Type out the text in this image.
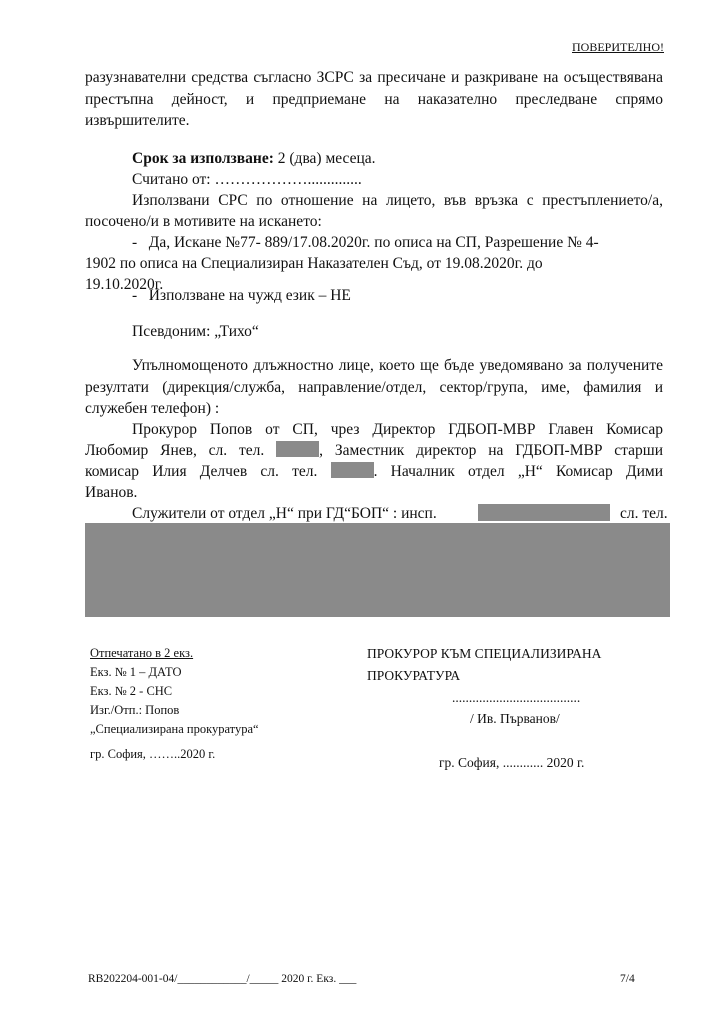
ПОВЕРИТЕЛНО!
разузнавателни средства съгласно ЗСРС за пресичане и разкриване на осъществявана престъпна дейност, и предприемане на наказателно преследване спрямо извършителите.
Срок за използване: 2 (два) месеца.
Считано от: ………………..............
Използвани СРС по отношение на лицето, във връзка с престъплението/а,
посочено/и в мотивите на искането:
-   Да, Искане №77- 889/17.08.2020г. по описа на СП, Разрешение № 4-
1902 по описа на Специализиран Наказателен Съд, от 19.08.2020г. до
19.10.2020г.
-   Използване на чужд език – НЕ
Псевдоним: „Тихо“
Упълномощеното длъжностно лице, което ще бъде уведомявано за получените резултати (дирекция/служба, направление/отдел, сектор/група, име, фамилия и служебен телефон) :
Прокурор Попов от СП, чрез Директор ГДБОП-МВР Главен Комисар
Любомир Янев, сл. тел.	, Заместник директор на ГДБОП-МВР старши
комисар Илия Делчев сл. тел.	. Началник отдел „Н“ Комисар Дими
Иванов.
Служители от отдел „Н“ при ГД“БОП“ : инсп.	сл. тел.
Отпечатано в 2 екз.
Екз. № 1 – ДАТО
Екз. № 2 - СНС
Изг./Отп.: Попов
„Специализирана прокуратура“
гр. София, ……..2020 г.
ПРОКУРОР КЪМ СПЕЦИАЛИЗИРАНА
ПРОКУРАТУРА
......................................
/ Ив. Първанов/
гр. София, ............ 2020 г.
RB202204-001-04/____________/_____ 2020 г. Екз. ___	7/4
